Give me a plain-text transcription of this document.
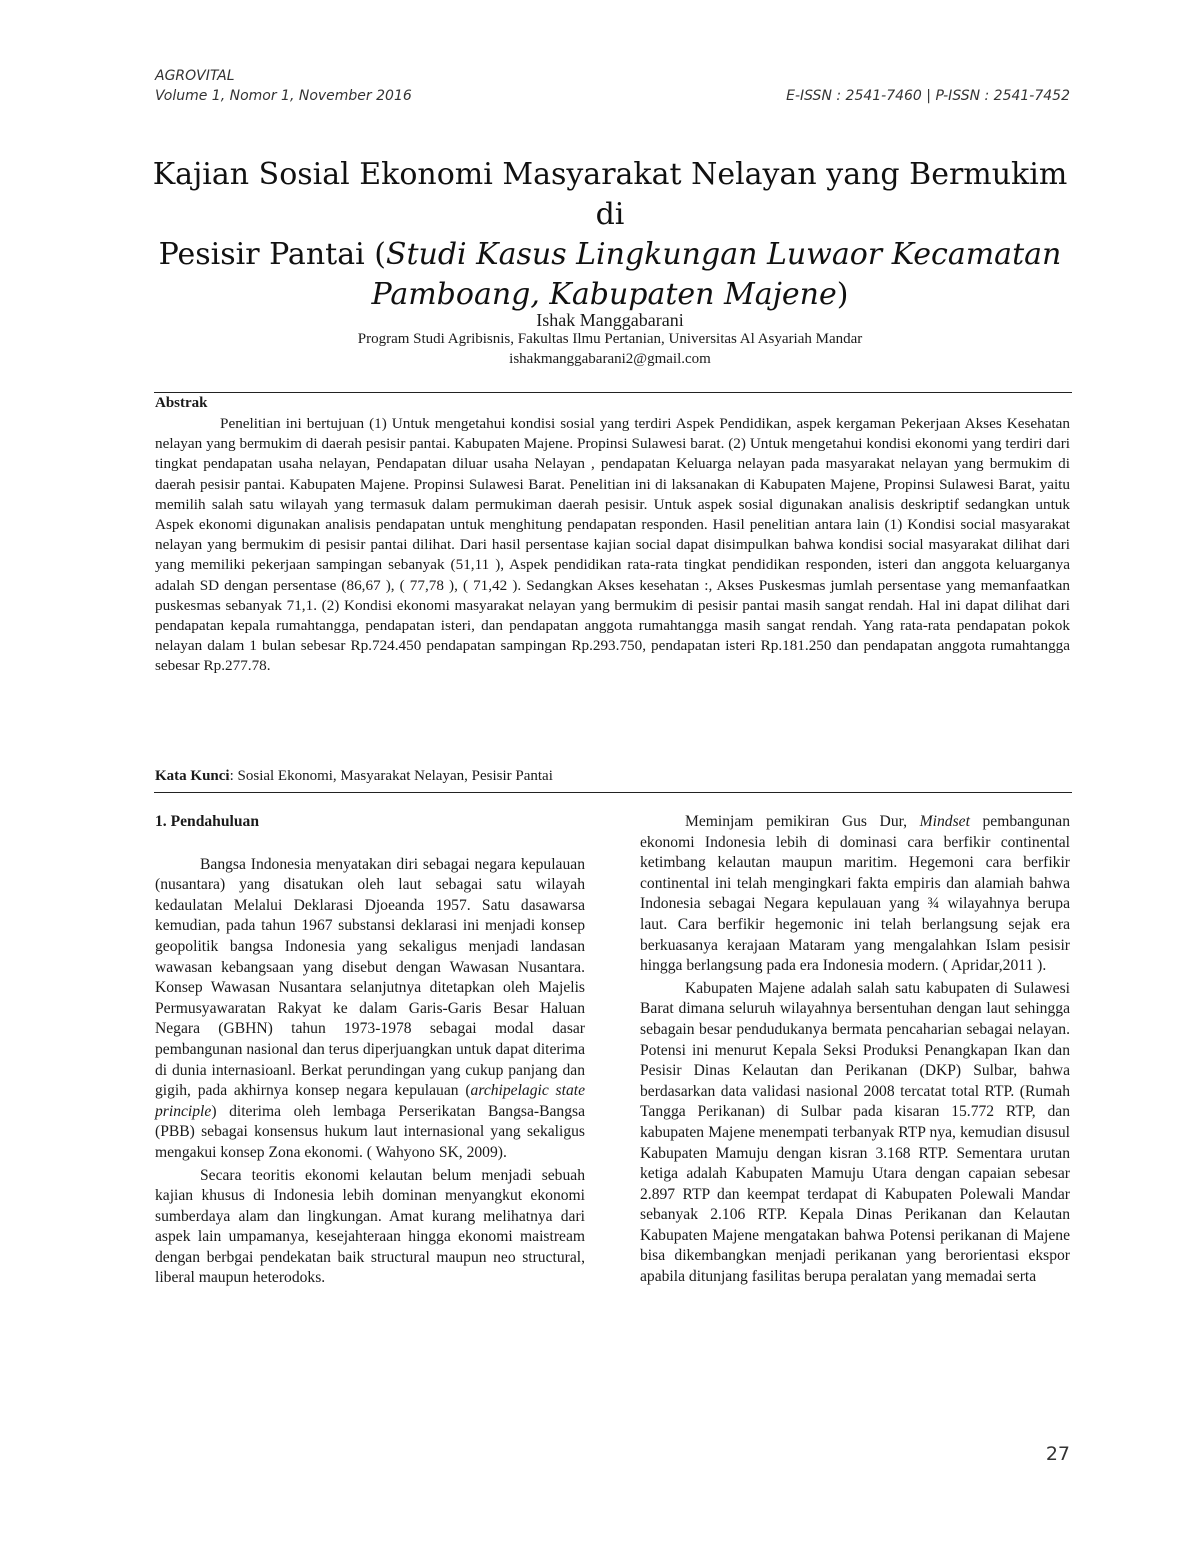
AGROVITAL
Volume 1, Nomor 1, November 2016	E-ISSN : 2541-7460 | P-ISSN : 2541-7452
Kajian Sosial Ekonomi Masyarakat Nelayan yang Bermukim di
Pesisir Pantai (Studi Kasus Lingkungan Luwaor Kecamatan
Pamboang, Kabupaten Majene)
Ishak Manggabarani
Program Studi Agribisnis, Fakultas Ilmu Pertanian, Universitas Al Asyariah Mandar
ishakmanggabarani2@gmail.com
Abstrak

Penelitian ini bertujuan (1) Untuk mengetahui kondisi sosial yang terdiri Aspek Pendidikan, aspek kergaman Pekerjaan Akses Kesehatan nelayan yang bermukim di daerah pesisir pantai. Kabupaten Majene. Propinsi Sulawesi barat. (2) Untuk mengetahui kondisi ekonomi yang terdiri dari tingkat pendapatan usaha nelayan, Pendapatan diluar usaha Nelayan , pendapatan Keluarga nelayan pada masyarakat nelayan yang bermukim di daerah pesisir pantai. Kabupaten Majene. Propinsi Sulawesi Barat. Penelitian ini di laksanakan di Kabupaten Majene, Propinsi Sulawesi Barat, yaitu memilih salah satu wilayah yang termasuk dalam permukiman daerah pesisir. Untuk aspek sosial digunakan analisis deskriptif sedangkan untuk Aspek ekonomi digunakan analisis pendapatan untuk menghitung pendapatan responden. Hasil penelitian antara lain (1) Kondisi social masyarakat nelayan yang bermukim di pesisir pantai dilihat. Dari hasil persentase kajian social dapat disimpulkan bahwa kondisi social masyarakat dilihat dari yang memiliki pekerjaan sampingan sebanyak (51,11 ), Aspek pendidikan rata-rata tingkat pendidikan responden, isteri dan anggota keluarganya adalah SD dengan persentase (86,67 ), ( 77,78 ), ( 71,42 ). Sedangkan Akses kesehatan :, Akses Puskesmas jumlah persentase yang memanfaatkan puskesmas sebanyak 71,1. (2) Kondisi ekonomi masyarakat nelayan yang bermukim di pesisir pantai masih sangat rendah. Hal ini dapat dilihat dari pendapatan kepala rumahtangga, pendapatan isteri, dan pendapatan anggota rumahtangga masih sangat rendah. Yang rata-rata pendapatan pokok nelayan dalam 1 bulan sebesar Rp.724.450 pendapatan sampingan Rp.293.750, pendapatan isteri Rp.181.250 dan pendapatan anggota rumahtangga sebesar Rp.277.78.

Kata Kunci: Sosial Ekonomi, Masyarakat Nelayan, Pesisir Pantai

1. Pendahuluan

Bangsa Indonesia menyatakan diri sebagai negara kepulauan (nusantara) yang disatukan oleh laut sebagai satu wilayah kedaulatan Melalui Deklarasi Djoeanda 1957. Satu dasawarsa kemudian, pada tahun 1967 substansi deklarasi ini menjadi konsep geopolitik bangsa Indonesia yang sekaligus menjadi landasan wawasan kebangsaan yang disebut dengan Wawasan Nusantara. Konsep Wawasan Nusantara selanjutnya ditetapkan oleh Majelis Permusyawaratan Rakyat ke dalam Garis-Garis Besar Haluan Negara (GBHN) tahun 1973-1978 sebagai modal dasar pembangunan nasional dan terus diperjuangkan untuk dapat diterima di dunia internasioanl. Berkat perundingan yang cukup panjang dan gigih, pada akhirnya konsep negara kepulauan (archipelagic state principle) diterima oleh lembaga Perserikatan Bangsa-Bangsa (PBB) sebagai konsensus hukum laut internasional yang sekaligus mengakui konsep Zona ekonomi. ( Wahyono SK, 2009).

Secara teoritis ekonomi kelautan belum menjadi sebuah kajian khusus di Indonesia lebih dominan menyangkut ekonomi sumberdaya alam dan lingkungan. Amat kurang melihatnya dari aspek lain umpamanya, kesejahteraan hingga ekonomi maistream dengan berbgai pendekatan baik structural maupun neo structural, liberal maupun heterodoks.

Meminjam pemikiran Gus Dur, Mindset pembangunan ekonomi Indonesia lebih di dominasi cara berfikir continental ketimbang kelautan maupun maritim. Hegemoni cara berfikir continental ini telah mengingkari fakta empiris dan alamiah bahwa Indonesia sebagai Negara kepulauan yang ¾ wilayahnya berupa laut. Cara berfikir hegemonic ini telah berlangsung sejak era berkuasanya kerajaan Mataram yang mengalahkan Islam pesisir hingga berlangsung pada era Indonesia modern. ( Apridar,2011 ).

Kabupaten Majene adalah salah satu kabupaten di Sulawesi Barat dimana seluruh wilayahnya bersentuhan dengan laut sehingga sebagain besar pendudukanya bermata pencaharian sebagai nelayan. Potensi ini menurut Kepala Seksi Produksi Penangkapan Ikan dan Pesisir Dinas Kelautan dan Perikanan (DKP) Sulbar, bahwa berdasarkan data validasi nasional 2008 tercatat total RTP. (Rumah Tangga Perikanan) di Sulbar pada kisaran 15.772 RTP, dan kabupaten Majene menempati terbanyak RTP nya, kemudian disusul Kabupaten Mamuju dengan kisran 3.168 RTP. Sementara urutan ketiga adalah Kabupaten Mamuju Utara dengan capaian sebesar 2.897 RTP dan keempat terdapat di Kabupaten Polewali Mandar sebanyak 2.106 RTP. Kepala Dinas Perikanan dan Kelautan Kabupaten Majene mengatakan bahwa Potensi perikanan di Majene bisa dikembangkan menjadi perikanan yang berorientasi ekspor apabila ditunjang fasilitas berupa peralatan yang memadai serta

27
